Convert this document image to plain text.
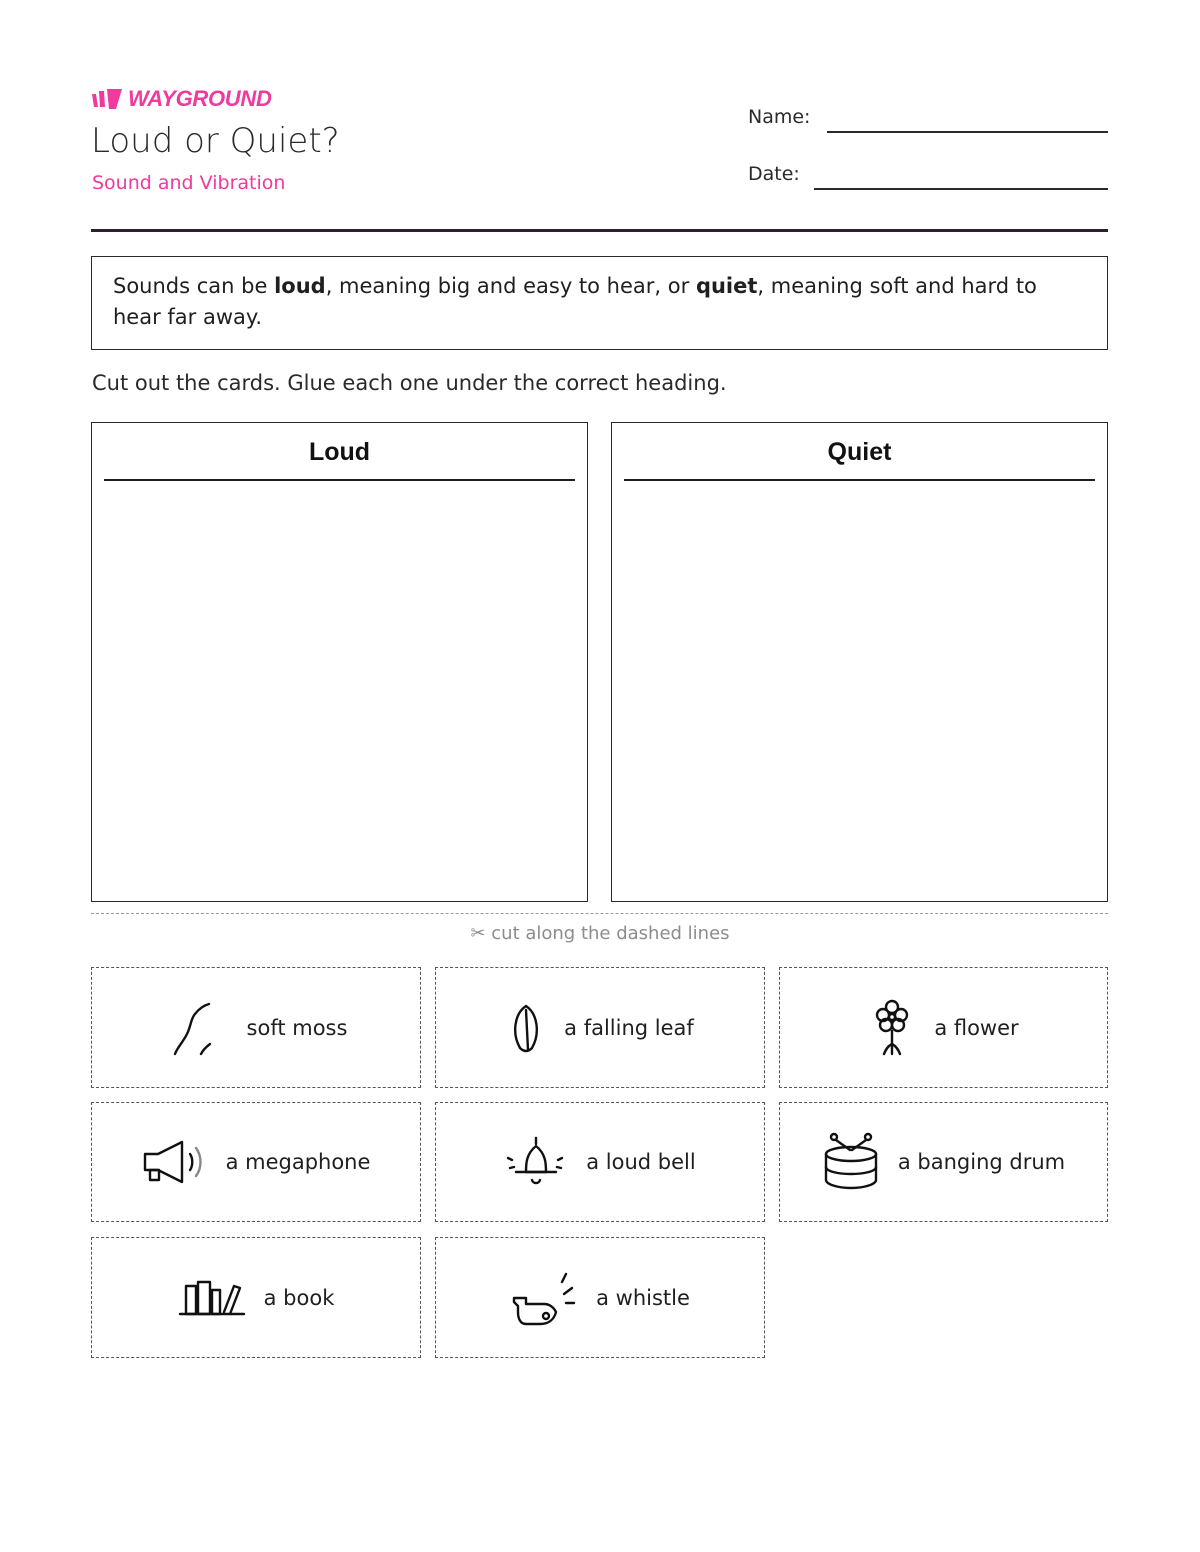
WAYGROUND
Loud or Quiet?
Sound and Vibration
Name:
Date:
Sounds can be loud, meaning big and easy to hear, or quiet, meaning soft and hard to hear far away.
Cut out the cards. Glue each one under the correct heading.
Loud	Quiet
✂ cut along the dashed lines
soft moss	a falling leaf	a flower
a megaphone	a loud bell	a banging drum
a book	a whistle
